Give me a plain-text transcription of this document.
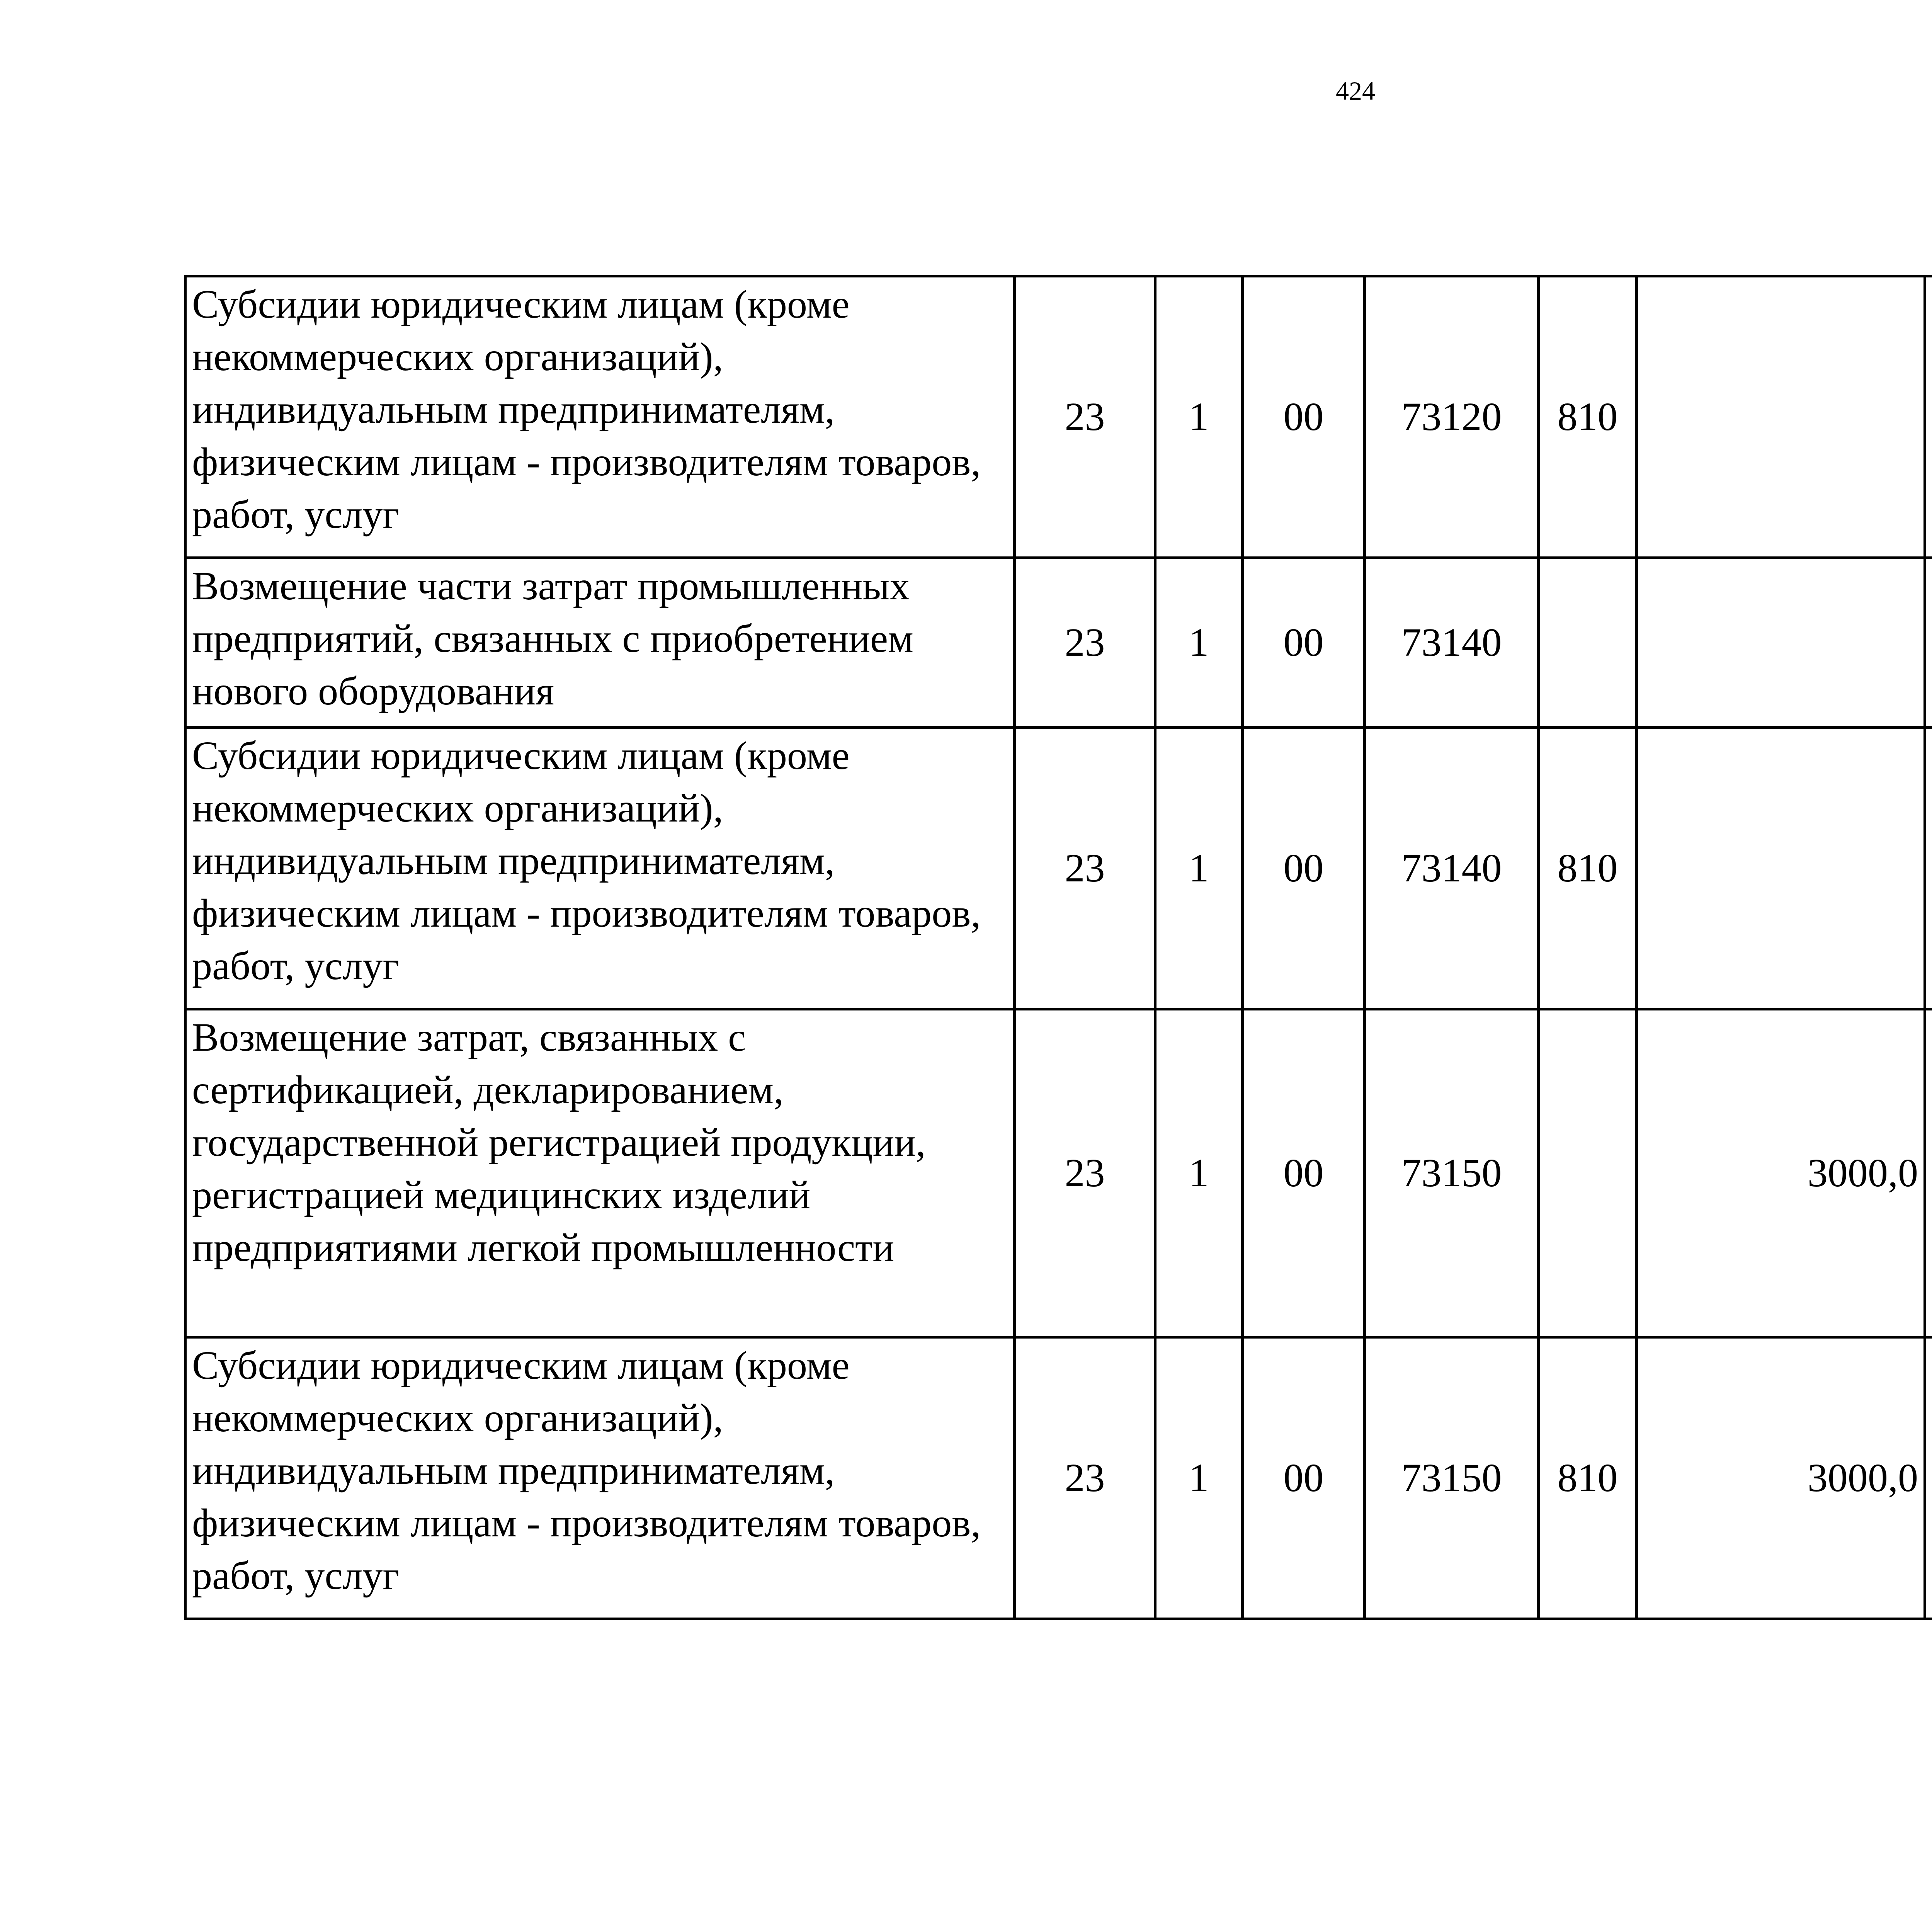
424
Субсидии юридическим лицам (кроме некоммерческих организаций), индивидуальным предпринимателям, физическим лицам - производителям товаров, работ, услуг	23	1	00	73120	810			
Возмещение части затрат промышленных предприятий, связанных с приобретением нового оборудования	23	1	00	73140				
Субсидии юридическим лицам (кроме некоммерческих организаций), индивидуальным предпринимателям, физическим лицам - производителям товаров, работ, услуг	23	1	00	73140	810			
Возмещение затрат, связанных с сертификацией, декларированием, государственной регистрацией продукции, регистрацией медицинских изделий предприятиями легкой промышленности	23	1	00	73150		3000,0		
Субсидии юридическим лицам (кроме некоммерческих организаций), индивидуальным предпринимателям, физическим лицам - производителям товаров, работ, услуг	23	1	00	73150	810	3000,0		
